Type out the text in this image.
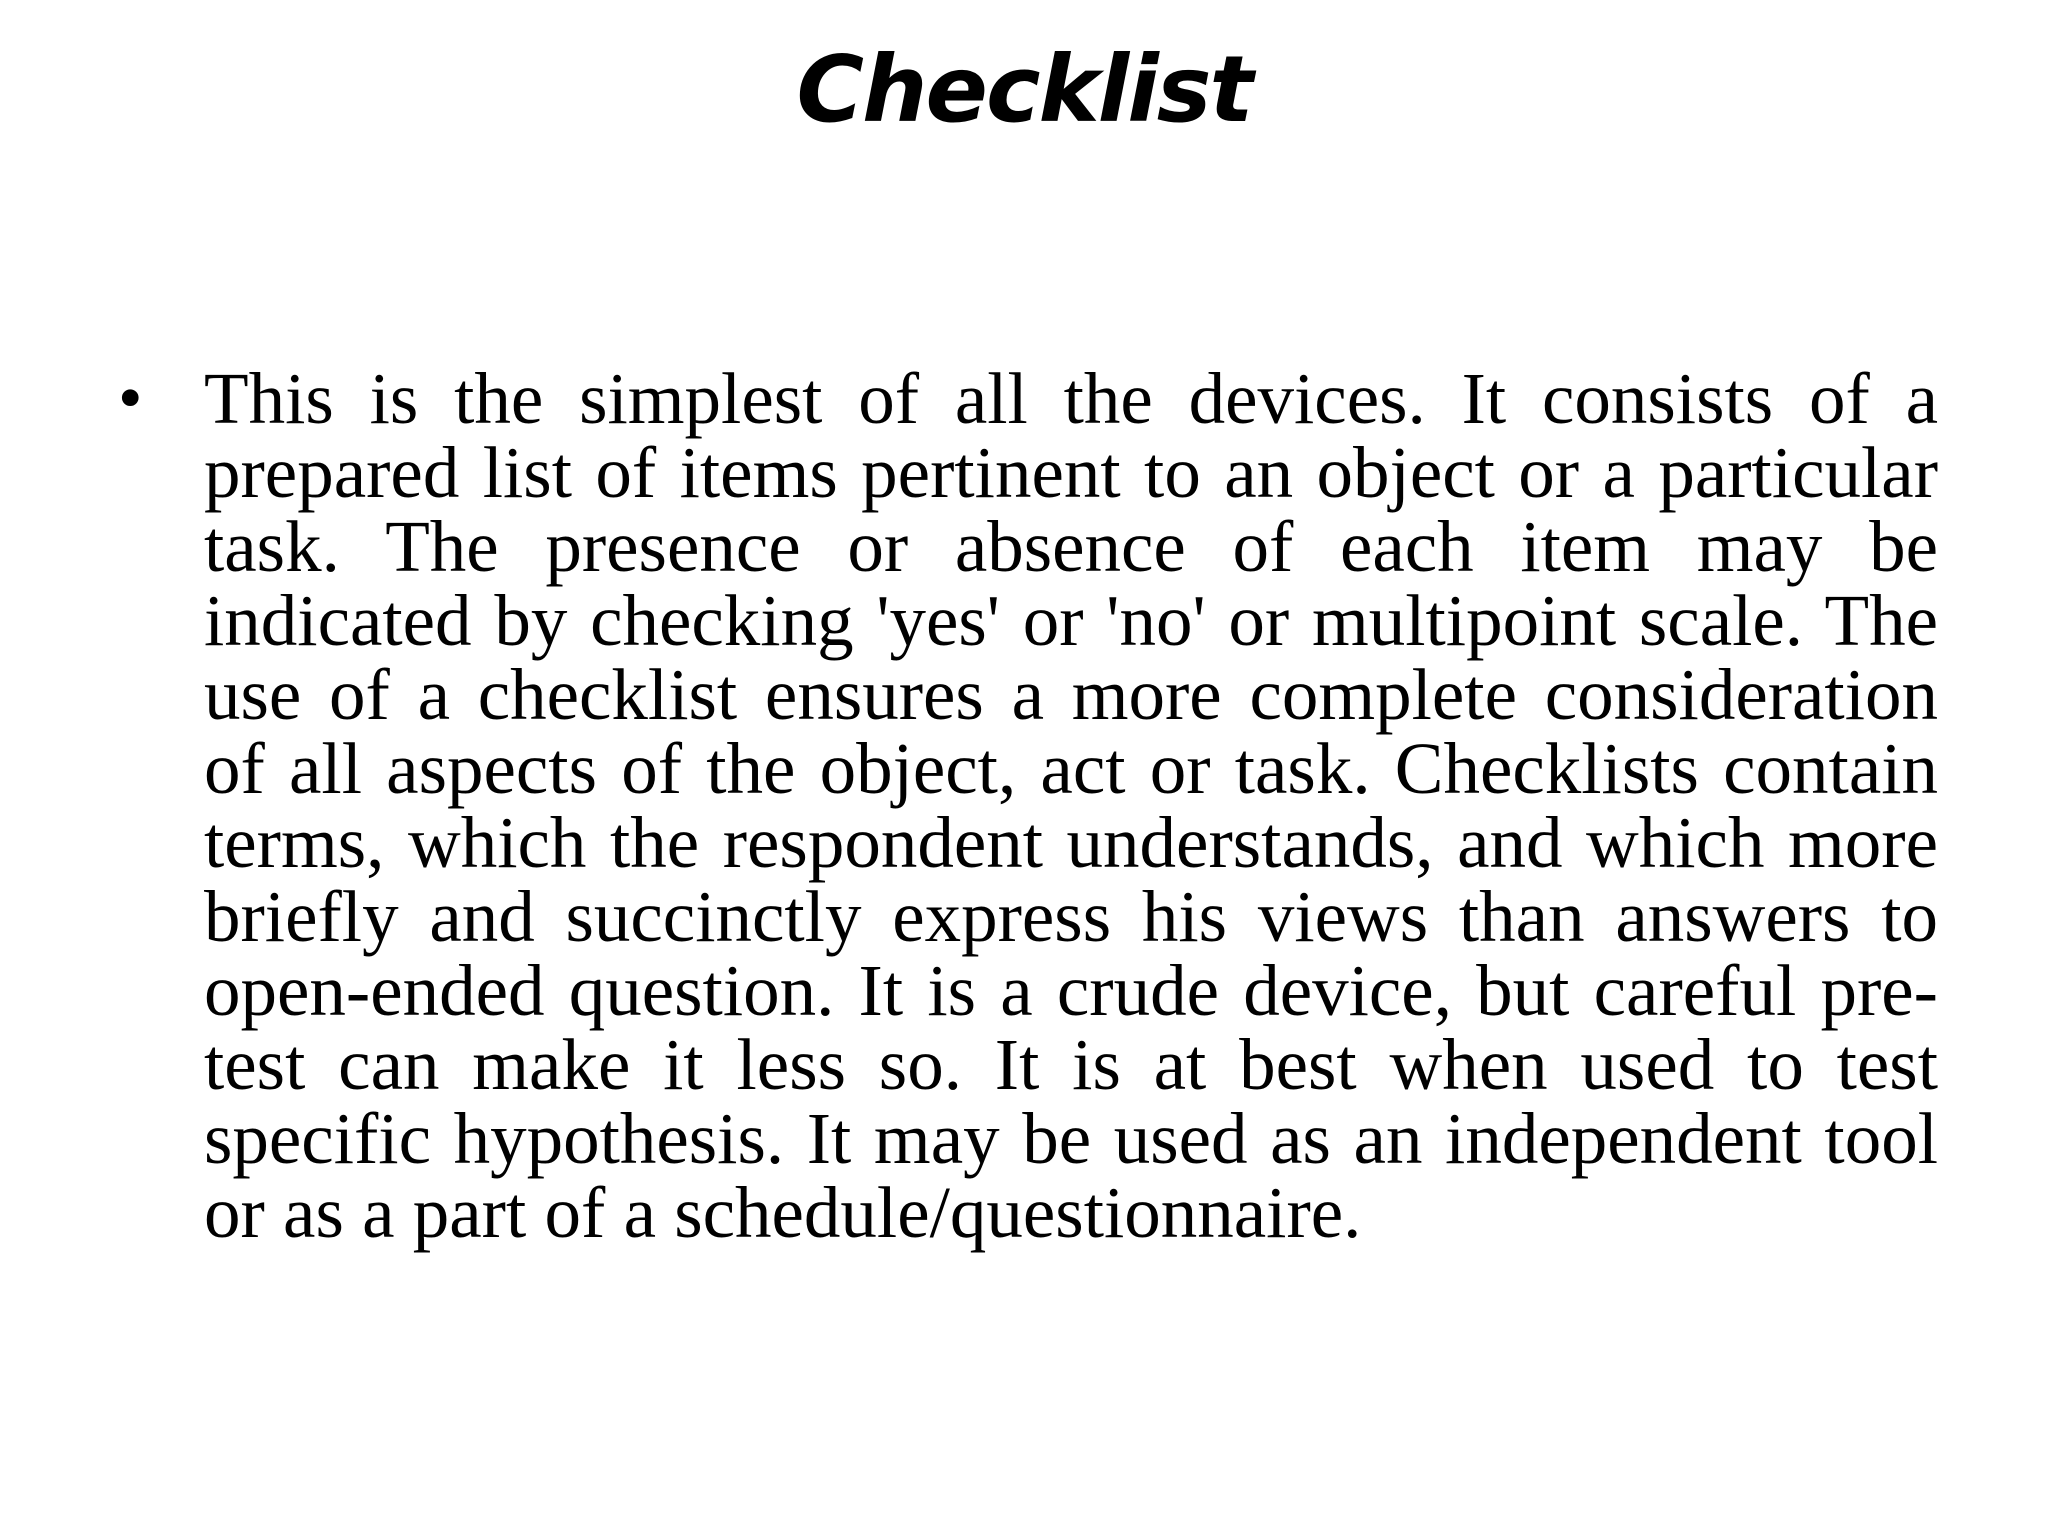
Checklist
• This is the simplest of all the devices. It consists of a prepared list of items pertinent to an object or a particular task. The presence or absence of each item may be indicated by checking 'yes' or 'no' or multipoint scale. The use of a checklist ensures a more complete consideration of all aspects of the object, act or task. Checklists contain terms, which the respondent understands, and which more briefly and succinctly express his views than answers to open-ended question. It is a crude device, but careful pre-test can make it less so. It is at best when used to test specific hypothesis. It may be used as an independent tool or as a part of a schedule/questionnaire.
